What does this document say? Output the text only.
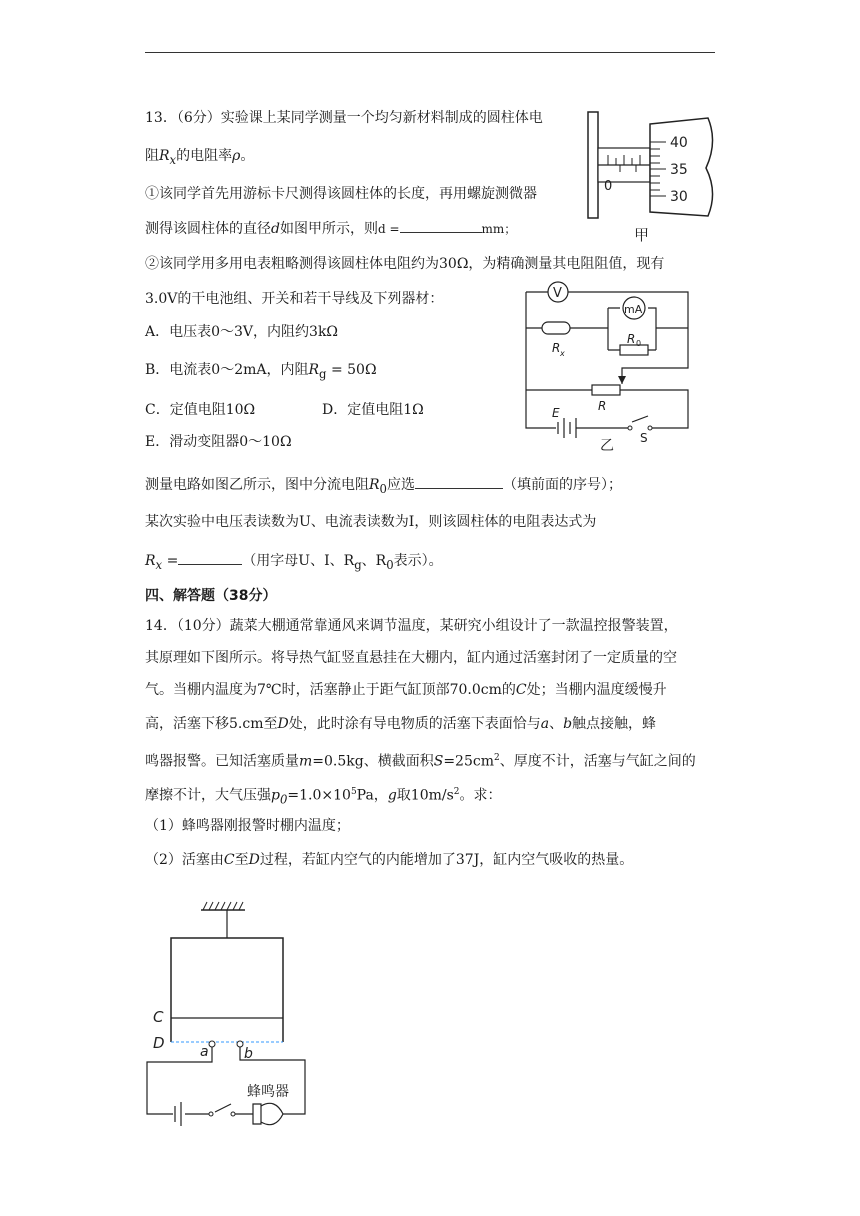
13．（6分）实验课上某同学测量一个均匀新材料制成的圆柱体电
阻$R_x$的电阻率ρ。
①该同学首先用游标卡尺测得该圆柱体的长度，再用螺旋测微器
测得该圆柱体的直径d如图甲所示，则d =	mm；
②该同学用多用电表粗略测得该圆柱体电阻约为30Ω，为精确测量其电阻阻值，现有
3.0V的干电池组、开关和若干导线及下列器材：
A．电压表0～3V，内阻约3kΩ
B．电流表0～2mA，内阻$R_g = 50\Omega$
C．定值电阻10Ω	D．定值电阻1Ω
E．滑动变阻器0～10Ω
测量电路如图乙所示，图中分流电阻$R_0$应选	（填前面的序号）；
某次实验中电压表读数为U、电流表读数为I，则该圆柱体的电阻表达式为
$R_x$ =	（用字母U、I、$R_g$、$R_0$表示）。
0
40
35
30
甲
V
mA
R 0
R x
R
E
S
乙
四、解答题（38分）
14．（10分）蔬菜大棚通常靠通风来调节温度，某研究小组设计了一款温控报警装置，
其原理如下图所示。将导热气缸竖直悬挂在大棚内，缸内通过活塞封闭了一定质量的空
气。当棚内温度为7℃时，活塞静止于距气缸顶部70.0cm的C处；当棚内温度缓慢升
高，活塞下移5.cm至D处，此时涂有导电物质的活塞下表面恰与a、b触点接触，蜂
鸣器报警。已知活塞质量m=0.5kg、横截面积$S=25cm^2$、厚度不计，活塞与气缸之间的
摩擦不计，大气压强$p_0=1.0\times 10^5Pa$，g取$10m/s^2$。求：
（1）蜂鸣器刚报警时棚内温度；
（2）活塞由C至D过程，若缸内空气的内能增加了37J，缸内空气吸收的热量。
C
D	a	b
蜂鸣器
